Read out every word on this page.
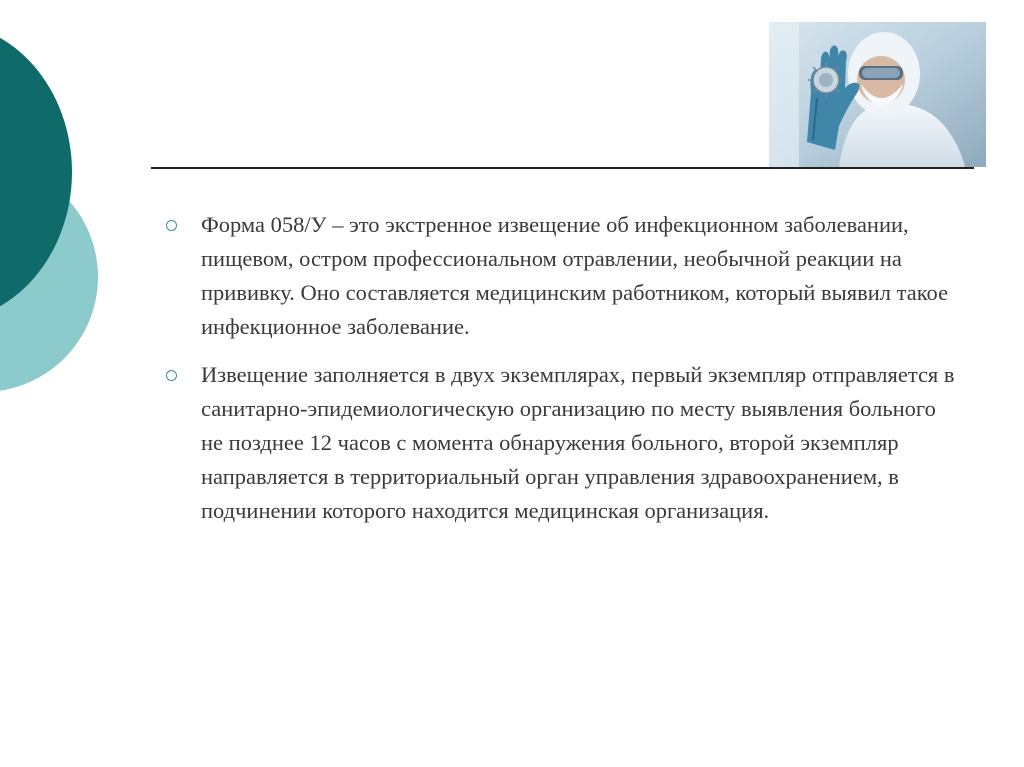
Форма 058/У – это экстренное извещение об инфекционном заболевании, пищевом, остром профессиональном отравлении, необычной реакции на прививку. Оно составляется медицинским работником, который выявил такое инфекционное заболевание.
Извещение заполняется в двух экземплярах, первый экземпляр отправляется в санитарно-эпидемиологическую организацию по месту выявления больного не позднее 12 часов с момента обнаружения больного, второй экземпляр направляется в территориальный орган управления здравоохранением, в подчинении которого находится медицинская организация.
